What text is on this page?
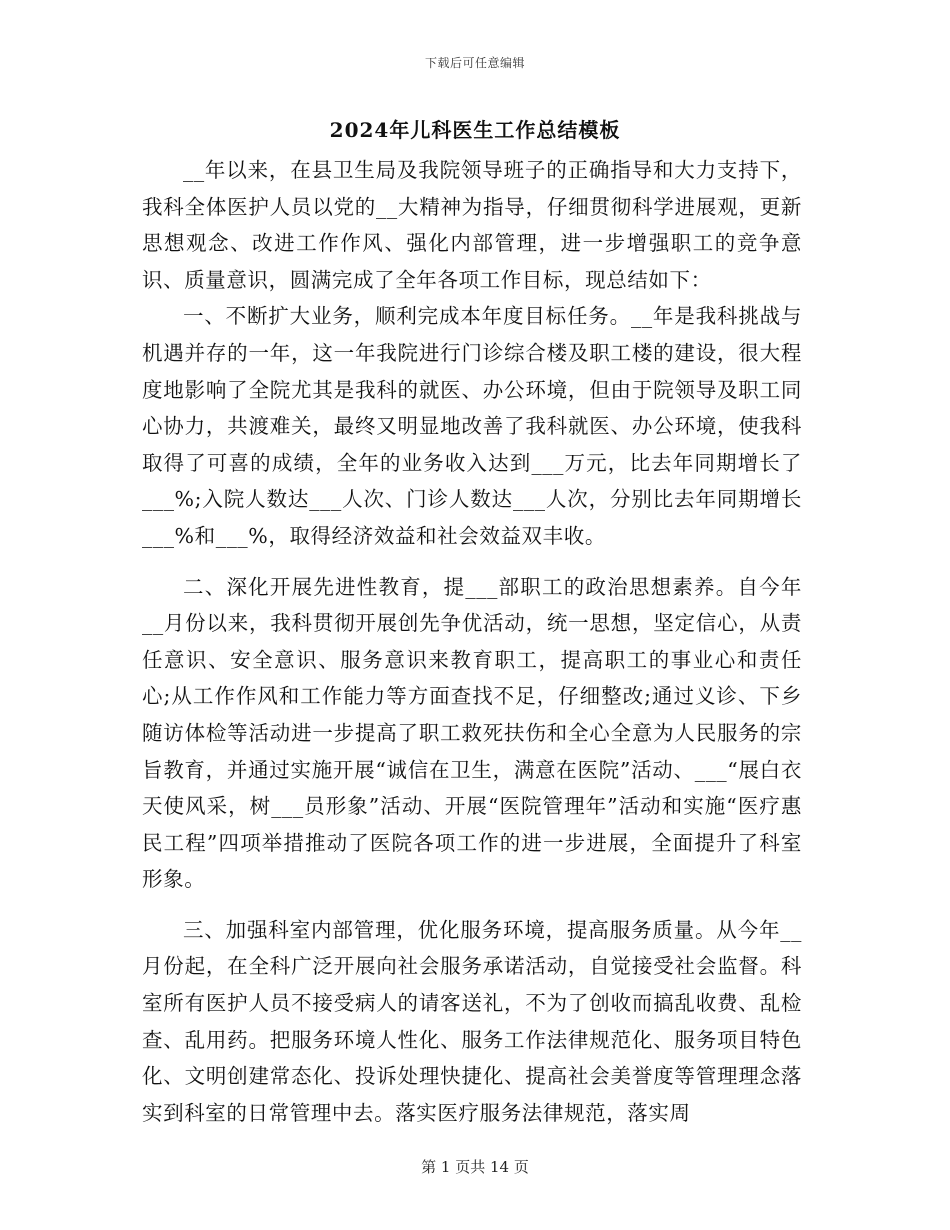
下载后可任意编辑
2024年儿科医生工作总结模板

__年以来，在县卫生局及我院领导班子的正确指导和大力支持下，我科全体医护人员以党的__大精神为指导，仔细贯彻科学进展观，更新思想观念、改进工作作风、强化内部管理，进一步增强职工的竞争意识、质量意识，圆满完成了全年各项工作目标，现总结如下：

一、不断扩大业务，顺利完成本年度目标任务。__年是我科挑战与机遇并存的一年，这一年我院进行门诊综合楼及职工楼的建设，很大程度地影响了全院尤其是我科的就医、办公环境，但由于院领导及职工同心协力，共渡难关，最终又明显地改善了我科就医、办公环境，使我科取得了可喜的成绩，全年的业务收入达到___万元，比去年同期增长了___%;入院人数达___人次、门诊人数达___人次，分别比去年同期增长___%和___%，取得经济效益和社会效益双丰收。

二、深化开展先进性教育，提___部职工的政治思想素养。自今年__月份以来，我科贯彻开展创先争优活动，统一思想，坚定信心，从责任意识、安全意识、服务意识来教育职工，提高职工的事业心和责任心;从工作作风和工作能力等方面查找不足，仔细整改;通过义诊、下乡随访体检等活动进一步提高了职工救死扶伤和全心全意为人民服务的宗旨教育，并通过实施开展“诚信在卫生，满意在医院”活动、___“展白衣天使风采，树___员形象”活动、开展“医院管理年”活动和实施“医疗惠民工程”四项举措推动了医院各项工作的进一步进展，全面提升了科室形象。

三、加强科室内部管理，优化服务环境，提高服务质量。从今年__月份起，在全科广泛开展向社会服务承诺活动，自觉接受社会监督。科室所有医护人员不接受病人的请客送礼，不为了创收而搞乱收费、乱检查、乱用药。把服务环境人性化、服务工作法律规范化、服务项目特色化、文明创建常态化、投诉处理快捷化、提高社会美誉度等管理理念落实到科室的日常管理中去。落实医疗服务法律规范，落实周

第 1 页共 14 页
